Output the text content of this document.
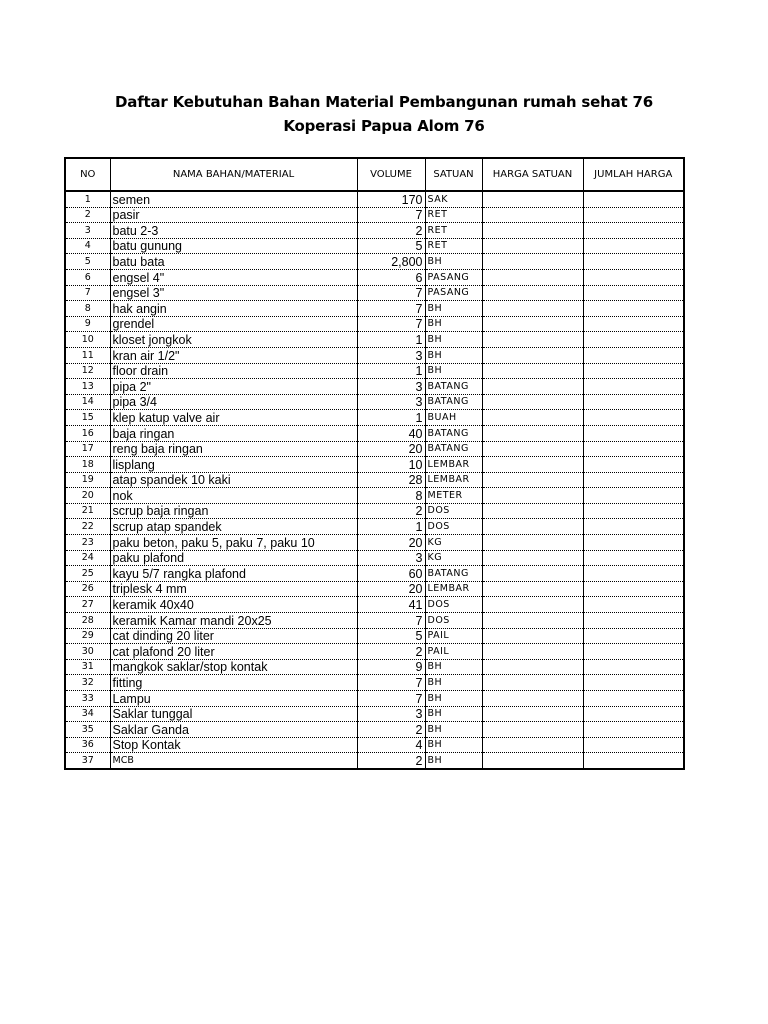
Daftar Kebutuhan Bahan Material Pembangunan rumah sehat 76
Koperasi Papua Alom 76
NO	NAMA BAHAN/MATERIAL	VOLUME	SATUAN	HARGA SATUAN	JUMLAH HARGA
1	semen	170	SAK		
2	pasir	7	RET		
3	batu 2-3	2	RET		
4	batu gunung	5	RET		
5	batu bata	2,800	BH		
6	engsel 4"	6	PASANG		
7	engsel 3"	7	PASANG		
8	hak angin	7	BH		
9	grendel	7	BH		
10	kloset jongkok	1	BH		
11	kran air 1/2"	3	BH		
12	floor drain	1	BH		
13	pipa 2"	3	BATANG		
14	pipa 3/4	3	BATANG		
15	klep katup valve air	1	BUAH		
16	baja ringan	40	BATANG		
17	reng baja ringan	20	BATANG		
18	lisplang	10	LEMBAR		
19	atap spandek 10 kaki	28	LEMBAR		
20	nok	8	METER		
21	scrup baja ringan	2	DOS		
22	scrup atap spandek	1	DOS		
23	paku beton, paku 5, paku 7, paku 10	20	KG		
24	paku plafond	3	KG		
25	kayu 5/7 rangka plafond	60	BATANG		
26	triplesk 4 mm	20	LEMBAR		
27	keramik 40x40	41	DOS		
28	keramik Kamar mandi 20x25	7	DOS		
29	cat dinding 20 liter	5	PAIL		
30	cat plafond 20 liter	2	PAIL		
31	mangkok saklar/stop kontak	9	BH		
32	fitting	7	BH		
33	Lampu	7	BH		
34	Saklar tunggal	3	BH		
35	Saklar Ganda	2	BH		
36	Stop Kontak	4	BH		
37	MCB	2	BH		
